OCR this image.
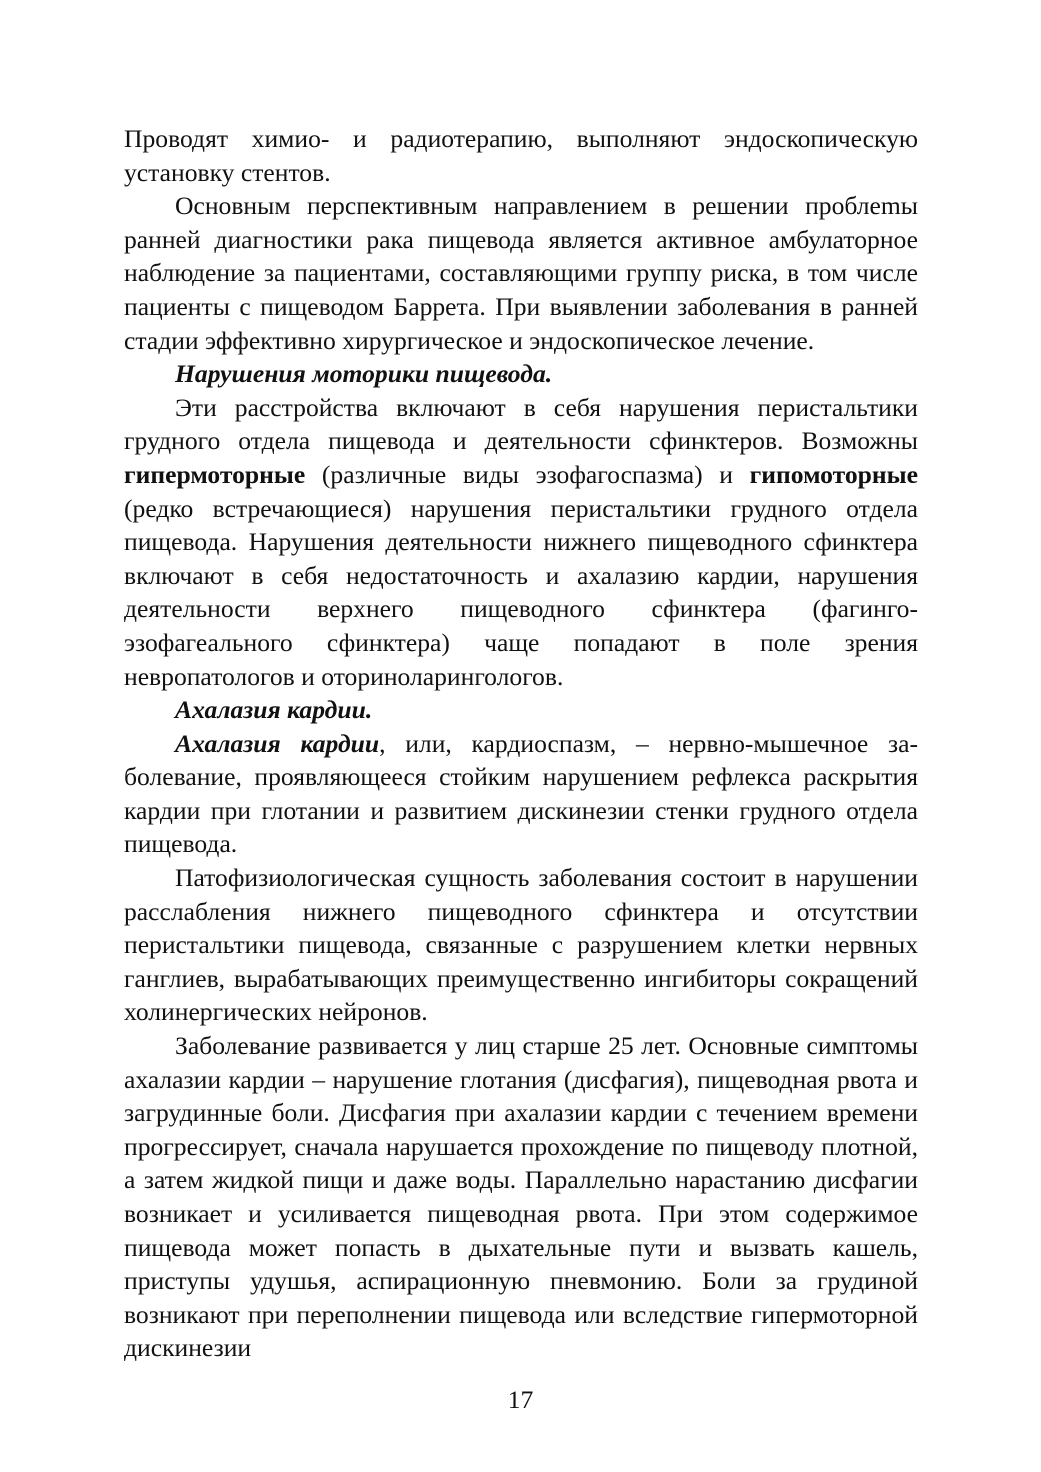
Проводят химио- и радиотерапию, выполняют эндоскопическую установку стентов.

Основным перспективным направлением в решении проблеmы ранней диагностики рака пищевода является активное амбулаторное наблюдение за пациентами, составляющими группу риска, в том числе пациенты с пищеводом Баррета. При выявлении заболевания в ранней стадии эффективно хирургическое и эндоскопическое лечение.

Нарушения моторики пищевода.

Эти расстройства включают в себя нарушения перистальтики грудного отдела пищевода и деятельности сфинктеров. Возможны гипермоторные (различные виды эзофагоспазма) и гипомоторные (редко встречающиеся) нарушения перистальтики грудного отдела пищевода. Нарушения деятельности нижнего пищеводного сфинктера включают в себя недостаточность и ахалазию кардии, нарушения деятельности верхнего пищеводного сфинктера (фагинго-эзофагеального сфинктера) чаще попадают в поле зрения невропатологов и оториноларингологов.

Ахалазия кардии.

Ахалазия кардии, или, кардиоспазм, – нервно-мышечное заболевание, проявляющееся стойким нарушением рефлекса раскрытия кардии при глотании и развитием дискинезии стенки грудного отдела пищевода.

Патофизиологическая сущность заболевания состоит в нарушении расслабления нижнего пищеводного сфинктера и отсутствии перистальтики пищевода, связанные с разрушением клетки нервных ганглиев, вырабатывающих преимущественно ингибиторы сокращений холинергических нейронов.

Заболевание развивается у лиц старше 25 лет. Основные симптомы ахалазии кардии – нарушение глотания (дисфагия), пищеводная рвота и загрудинные боли. Дисфагия при ахалазии кардии с течением времени прогрессирует, сначала нарушается прохождение по пищеводу плотной, а затем жидкой пищи и даже воды. Параллельно нарастанию дисфагии возникает и усиливается пищеводная рвота. При этом содержимое пищевода может попасть в дыхательные пути и вызвать кашель, приступы удушья, аспирационную пневмонию. Боли за грудиной возникают при переполнении пищевода или вследствие гипермоторной дискинезии

17
